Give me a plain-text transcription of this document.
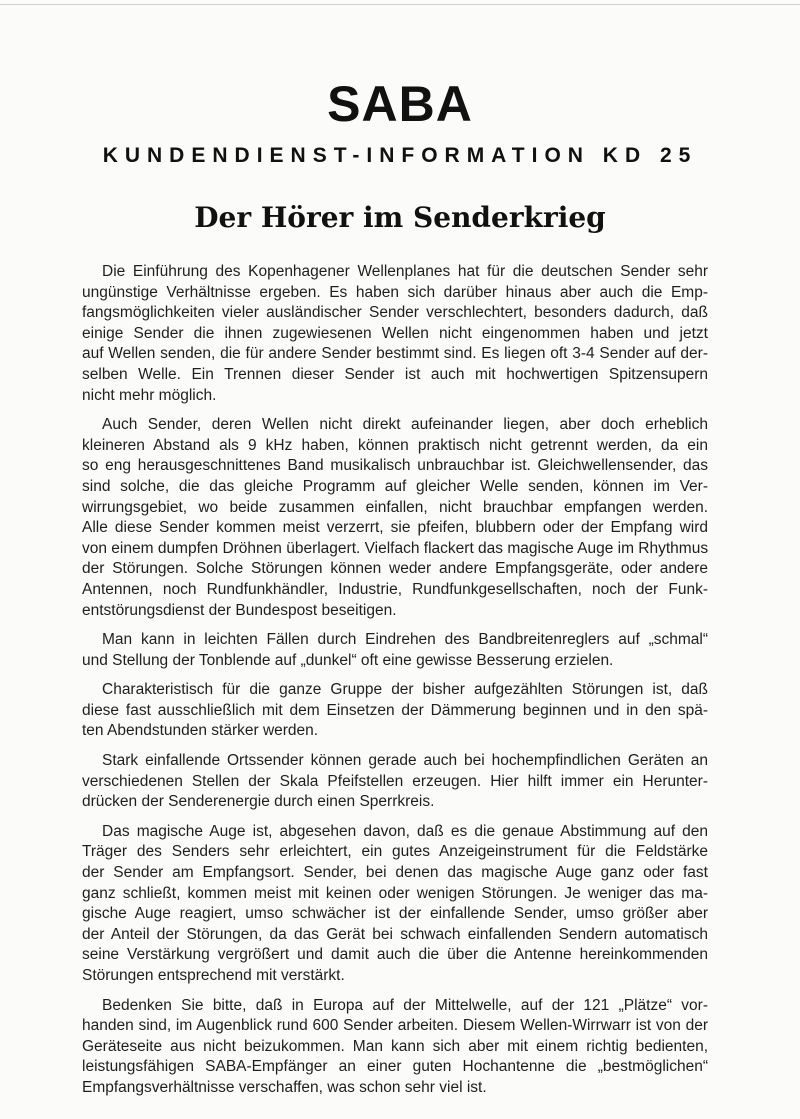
SABA
KUNDENDIENST-INFORMATION KD 25
Der Hörer im Senderkrieg
Die Einführung des Kopenhagener Wellenplanes hat für die deutschen Sender sehr
ungünstige Verhältnisse ergeben. Es haben sich darüber hinaus aber auch die Emp-
fangsmöglichkeiten vieler ausländischer Sender verschlechtert, besonders dadurch, daß
einige Sender die ihnen zugewiesenen Wellen nicht eingenommen haben und jetzt
auf Wellen senden, die für andere Sender bestimmt sind. Es liegen oft 3-4 Sender auf der-
selben Welle. Ein Trennen dieser Sender ist auch mit hochwertigen Spitzensupern
nicht mehr möglich.
Auch Sender, deren Wellen nicht direkt aufeinander liegen, aber doch erheblich
kleineren Abstand als 9 kHz haben, können praktisch nicht getrennt werden, da ein
so eng herausgeschnittenes Band musikalisch unbrauchbar ist. Gleichwellensender, das
sind solche, die das gleiche Programm auf gleicher Welle senden, können im Ver-
wirrungsgebiet, wo beide zusammen einfallen, nicht brauchbar empfangen werden.
Alle diese Sender kommen meist verzerrt, sie pfeifen, blubbern oder der Empfang wird
von einem dumpfen Dröhnen überlagert. Vielfach flackert das magische Auge im Rhythmus
der Störungen. Solche Störungen können weder andere Empfangsgeräte, oder andere
Antennen, noch Rundfunkhändler, Industrie, Rundfunkgesellschaften, noch der Funk-
entstörungsdienst der Bundespost beseitigen.
Man kann in leichten Fällen durch Eindrehen des Bandbreitenreglers auf „schmal“
und Stellung der Tonblende auf „dunkel“ oft eine gewisse Besserung erzielen.
Charakteristisch für die ganze Gruppe der bisher aufgezählten Störungen ist, daß
diese fast ausschließlich mit dem Einsetzen der Dämmerung beginnen und in den spä-
ten Abendstunden stärker werden.
Stark einfallende Ortssender können gerade auch bei hochempfindlichen Geräten an
verschiedenen Stellen der Skala Pfeifstellen erzeugen. Hier hilft immer ein Herunter-
drücken der Senderenergie durch einen Sperrkreis.
Das magische Auge ist, abgesehen davon, daß es die genaue Abstimmung auf den
Träger des Senders sehr erleichtert, ein gutes Anzeigeinstrument für die Feldstärke
der Sender am Empfangsort. Sender, bei denen das magische Auge ganz oder fast
ganz schließt, kommen meist mit keinen oder wenigen Störungen. Je weniger das ma-
gische Auge reagiert, umso schwächer ist der einfallende Sender, umso größer aber
der Anteil der Störungen, da das Gerät bei schwach einfallenden Sendern automatisch
seine Verstärkung vergrößert und damit auch die über die Antenne hereinkommenden
Störungen entsprechend mit verstärkt.
Bedenken Sie bitte, daß in Europa auf der Mittelwelle, auf der 121 „Plätze“ vor-
handen sind, im Augenblick rund 600 Sender arbeiten. Diesem Wellen-Wirrwarr ist von der
Geräteseite aus nicht beizukommen. Man kann sich aber mit einem richtig bedienten,
leistungsfähigen SABA-Empfänger an einer guten Hochantenne die „bestmöglichen“
Empfangsverhältnisse verschaffen, was schon sehr viel ist.
